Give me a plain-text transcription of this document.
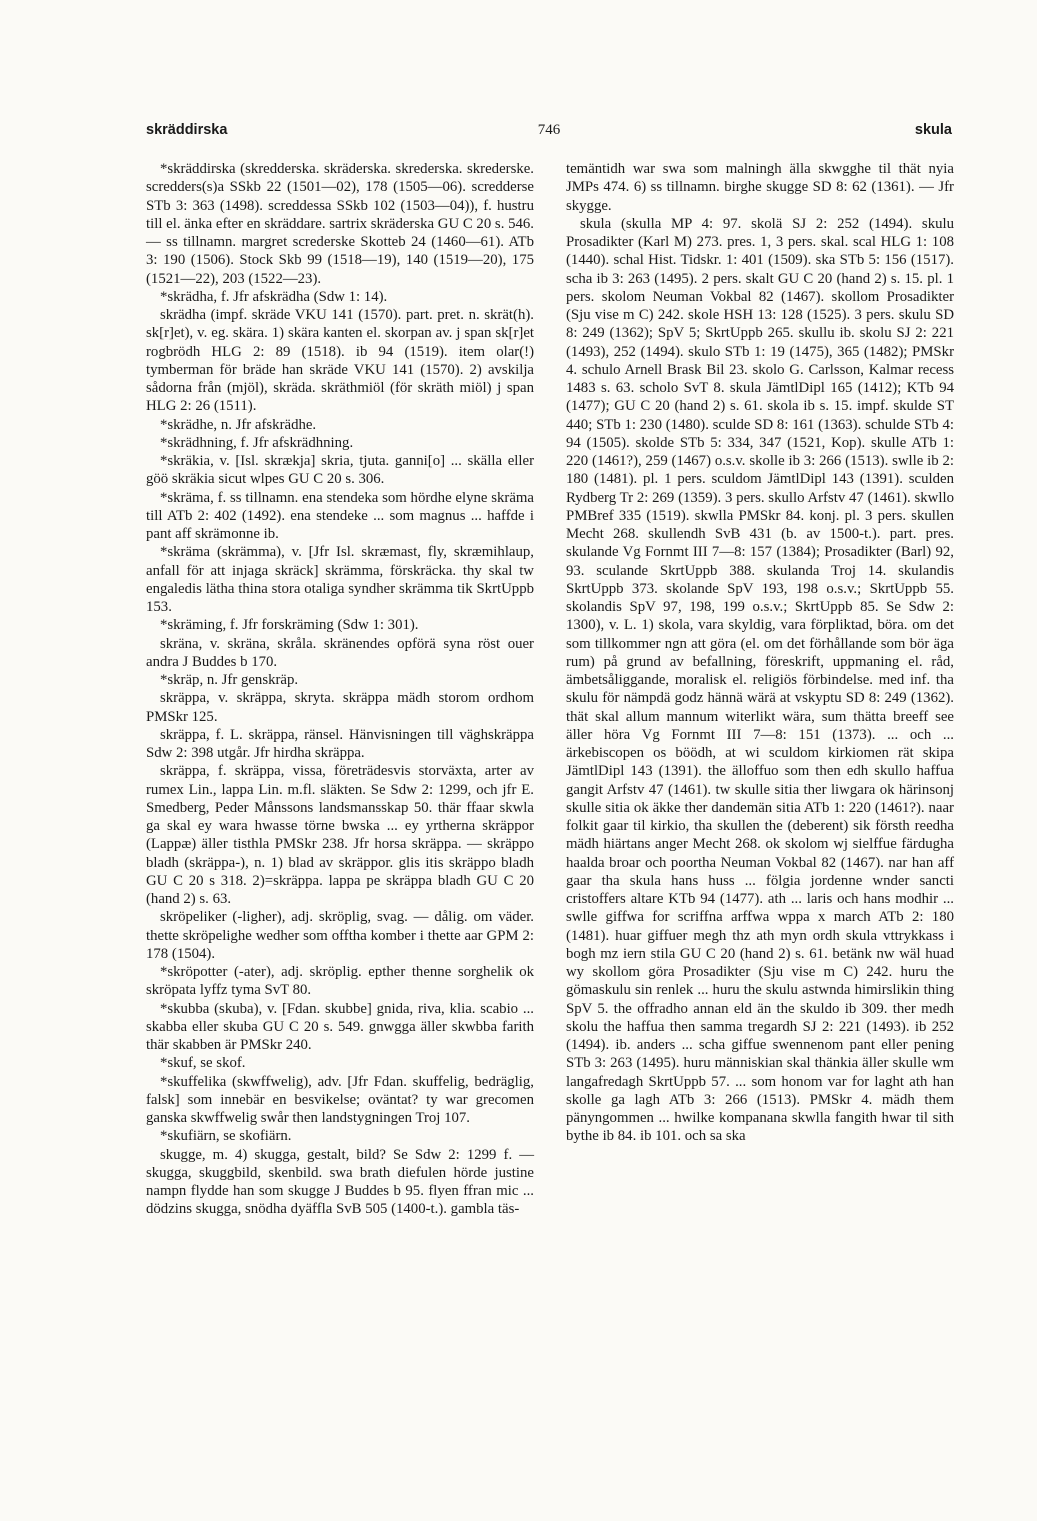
skräddirska	746	skula

*skräddirska (skredderska. skräderska. skrederska. skrederske. scredders(s)a SSkb 22 (1501—02), 178 (1505—06). scredderse STb 3: 363 (1498). screddessa SSkb 102 (1503—04)), f. hustru till el. änka efter en skräddare. sartrix skräderska GU C 20 s. 546. — ss tillnamn. margret screderske Skotteb 24 (1460—61). ATb 3: 190 (1506). Stock Skb 99 (1518—19), 140 (1519—20), 175 (1521—22), 203 (1522—23).

*skrädha, f. Jfr afskrädha (Sdw 1: 14).

skrädha (impf. skräde VKU 141 (1570). part. pret. n. skrät(h). sk[r]et), v. eg. skära. 1) skära kanten el. skorpan av. j span sk[r]et rogbrödh HLG 2: 89 (1518). ib 94 (1519). item olar(!) tymberman för bräde han skräde VKU 141 (1570). 2) avskilja sådorna från (mjöl), skräda. skräthmiöl (för skräth miöl) j span HLG 2: 26 (1511).

*skrädhe, n. Jfr afskrädhe.

*skrädhning, f. Jfr afskrädhning.

*skräkia, v. [Isl. skrækja] skria, tjuta. ganni[o] ... skälla eller göö skräkia sicut wlpes GU C 20 s. 306.

*skräma, f. ss tillnamn. ena stendeka som hördhe elyne skräma till ATb 2: 402 (1492). ena stendeke ... som magnus ... haffde i pant aff skrämonne ib.

*skräma (skrämma), v. [Jfr Isl. skræmast, fly, skræmihlaup, anfall för att injaga skräck] skrämma, förskräcka. thy skal tw engaledis lätha thina stora otaliga syndher skrämma tik SkrtUppb 153.

*skräming, f. Jfr forskräming (Sdw 1: 301).

skräna, v. skräna, skråla. skränendes opförä syna röst ouer andra J Buddes b 170.

*skräp, n. Jfr genskräp.

skräppa, v. skräppa, skryta. skräppa mädh storom ordhom PMSkr 125.

skräppa, f. L. skräppa, ränsel. Hänvisningen till väghskräppa Sdw 2: 398 utgår. Jfr hirdha skräppa.

skräppa, f. skräppa, vissa, företrädesvis storväxta, arter av rumex Lin., lappa Lin. m.fl. släkten. Se Sdw 2: 1299, och jfr E. Smedberg, Peder Månssons landsmansskap 50. thär ffaar skwla ga skal ey wara hwasse törne bwska ... ey yrtherna skräppor (Lappæ) äller tisthla PMSkr 238. Jfr horsa skräppa. — skräppo bladh (skräppa-), n. 1) blad av skräppor. glis itis skräppo bladh GU C 20 s 318. 2)=skräppa. lappa pe skräppa bladh GU C 20 (hand 2) s. 63.

skröpeliker (-ligher), adj. skröplig, svag. — dålig. om väder. thette skröpelighe wedher som offtha komber i thette aar GPM 2: 178 (1504).

*skröpotter (-ater), adj. skröplig. epther thenne sorghelik ok skröpata lyffz tyma SvT 80.

*skubba (skuba), v. [Fdan. skubbe] gnida, riva, klia. scabio ... skabba eller skuba GU C 20 s. 549. gnwgga äller skwbba farith thär skabben är PMSkr 240.

*skuf, se skof.

*skuffelika (skwffwelig), adv. [Jfr Fdan. skuffelig, bedräglig, falsk] som innebär en besvikelse; oväntat? ty war grecomen ganska skwffwelig swår then landstygningen Troj 107.

*skufiärn, se skofiärn.

skugge, m. 4) skugga, gestalt, bild? Se Sdw 2: 1299 f. — skugga, skuggbild, skenbild. swa brath diefulen hörde justine nampn flydde han som skugge J Buddes b 95. flyen ffran mic ... dödzins skugga, snödha dyäffla SvB 505 (1400-t.). gambla täs-

temäntidh war swa som malningh älla skwgghe til thät nyia JMPs 474. 6) ss tillnamn. birghe skugge SD 8: 62 (1361). — Jfr skygge.

skula (skulla MP 4: 97. skolä SJ 2: 252 (1494). skulu Prosadikter (Karl M) 273. pres. 1, 3 pers. skal. scal HLG 1: 108 (1440). schal Hist. Tidskr. 1: 401 (1509). ska STb 5: 156 (1517). scha ib 3: 263 (1495). 2 pers. skalt GU C 20 (hand 2) s. 15. pl. 1 pers. skolom Neuman Vokbal 82 (1467). skollom Prosadikter (Sju vise m C) 242. skole HSH 13: 128 (1525). 3 pers. skulu SD 8: 249 (1362); SpV 5; SkrtUppb 265. skullu ib. skolu SJ 2: 221 (1493), 252 (1494). skulo STb 1: 19 (1475), 365 (1482); PMSkr 4. schulo Arnell Brask Bil 23. skolo G. Carlsson, Kalmar recess 1483 s. 63. scholo SvT 8. skula JämtlDipl 165 (1412); KTb 94 (1477); GU C 20 (hand 2) s. 61. skola ib s. 15. impf. skulde ST 440; STb 1: 230 (1480). sculde SD 8: 161 (1363). schulde STb 4: 94 (1505). skolde STb 5: 334, 347 (1521, Kop). skulle ATb 1: 220 (1461?), 259 (1467) o.s.v. skolle ib 3: 266 (1513). swlle ib 2: 180 (1481). pl. 1 pers. sculdom JämtlDipl 143 (1391). sculden Rydberg Tr 2: 269 (1359). 3 pers. skullo Arfstv 47 (1461). skwllo PMBref 335 (1519). skwlla PMSkr 84. konj. pl. 3 pers. skullen Mecht 268. skullendh SvB 431 (b. av 1500-t.). part. pres. skulande Vg Fornmt III 7—8: 157 (1384); Prosadikter (Barl) 92, 93. sculande SkrtUppb 388. skulanda Troj 14. skulandis SkrtUppb 373. skolande SpV 193, 198 o.s.v.; SkrtUppb 55. skolandis SpV 97, 198, 199 o.s.v.; SkrtUppb 85. Se Sdw 2: 1300), v. L. 1) skola, vara skyldig, vara förpliktad, böra. om det som tillkommer ngn att göra (el. om det förhållande som bör äga rum) på grund av befallning, föreskrift, uppmaning el. råd, ämbetsåliggande, moralisk el. religiös förbindelse. med inf. tha skulu för nämpdä godz hännä wärä at vskyptu SD 8: 249 (1362). thät skal allum mannum witerlikt wära, sum thätta breeff see äller höra Vg Fornmt III 7—8: 151 (1373). ... och ... ärkebiscopen os böödh, at wi sculdom kirkiomen rät skipa JämtlDipl 143 (1391). the älloffuo som then edh skullo haffua gangit Arfstv 47 (1461). tw skulle sitia ther liwgara ok härinsonj skulle sitia ok äkke ther dandemän sitia ATb 1: 220 (1461?). naar folkit gaar til kirkio, tha skullen the (deberent) sik försth reedha mädh hiärtans anger Mecht 268. ok skolom wj sielffue färdugha haalda broar och poortha Neuman Vokbal 82 (1467). nar han aff gaar tha skula hans huss ... fölgia jordenne wnder sancti cristoffers altare KTb 94 (1477). ath ... laris och hans modhir ... swlle giffwa for scriffna arffwa wppa x march ATb 2: 180 (1481). huar giffuer megh thz ath myn ordh skula vttrykkass i bogh mz iern stila GU C 20 (hand 2) s. 61. betänk nw wäl huad wy skollom göra Prosadikter (Sju vise m C) 242. huru the gömaskulu sin renlek ... huru the skulu astwnda himirslikin thing SpV 5. the offradho annan eld än the skuldo ib 309. ther medh skolu the haffua then samma tregardh SJ 2: 221 (1493). ib 252 (1494). ib. anders ... scha giffue swennenom pant eller pening STb 3: 263 (1495). huru människian skal thänkia äller skulle wm langafredagh SkrtUppb 57. ... som honom var for laght ath han skolle ga lagh ATb 3: 266 (1513). PMSkr 4. mädh them pänyngommen ... hwilke kompanana skwlla fangith hwar til sith bythe ib 84. ib 101. och sa ska
